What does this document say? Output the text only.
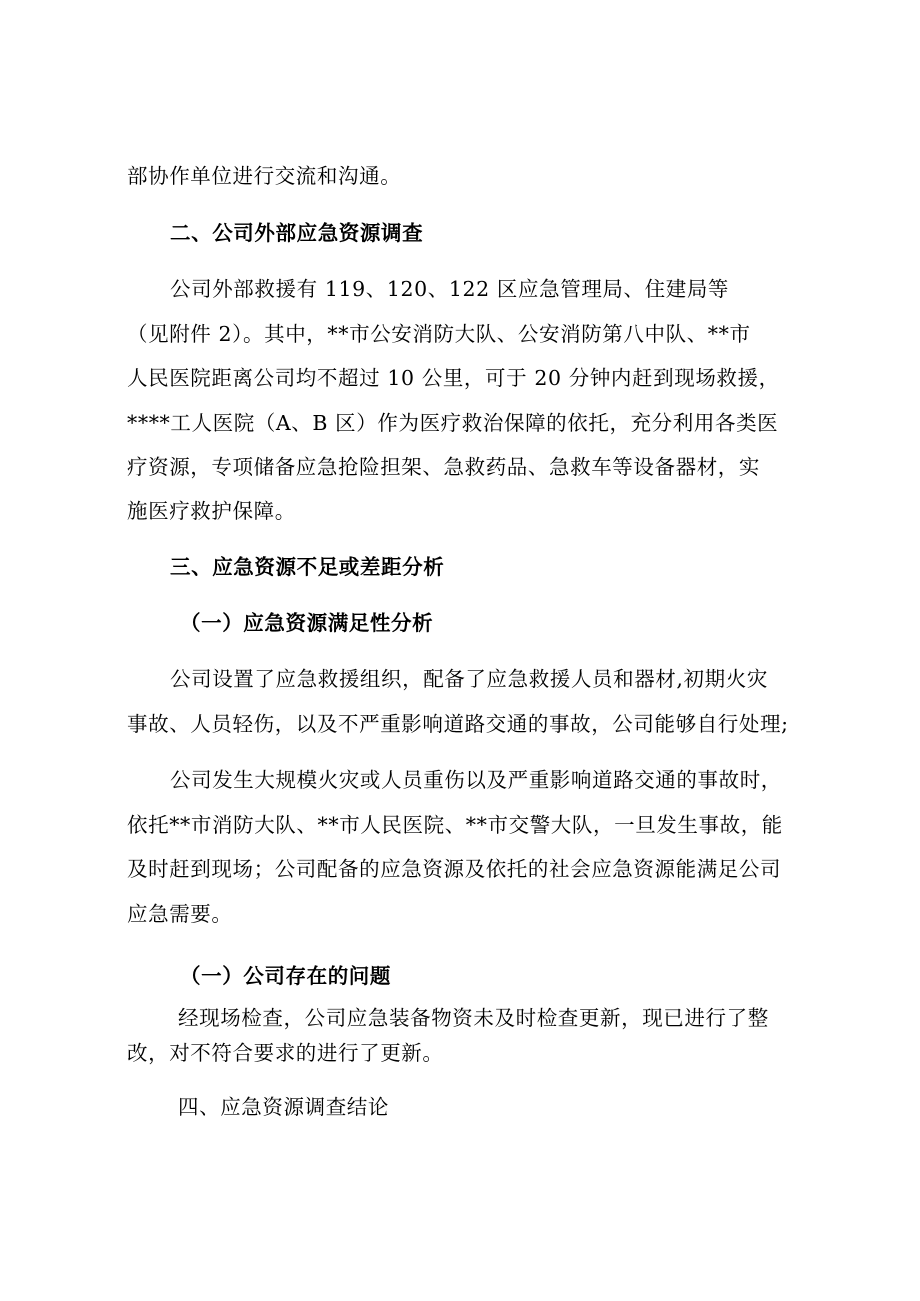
部协作单位进行交流和沟通。
二、公司外部应急资源调查
公司外部救援有 119、120、122 区应急管理局、住建局等
（见附件 2）。其中，**市公安消防大队、公安消防第八中队、**市
人民医院距离公司均不超过 10 公里，可于 20 分钟内赶到现场救援，
****工人医院（A、B 区）作为医疗救治保障的依托，充分利用各类医
疗资源，专项储备应急抢险担架、急救药品、急救车等设备器材，实
施医疗救护保障。
三、应急资源不足或差距分析
（一）应急资源满足性分析
公司设置了应急救援组织，配备了应急救援人员和器材,初期火灾
事故、人员轻伤，以及不严重影响道路交通的事故，公司能够自行处理;
公司发生大规模火灾或人员重伤以及严重影响道路交通的事故时，
依托**市消防大队、**市人民医院、**市交警大队，一旦发生事故，能
及时赶到现场；公司配备的应急资源及依托的社会应急资源能满足公司
应急需要。
（一）公司存在的问题
经现场检查，公司应急装备物资未及时检查更新，现已进行了整
改，对不符合要求的进行了更新。
四、应急资源调查结论
